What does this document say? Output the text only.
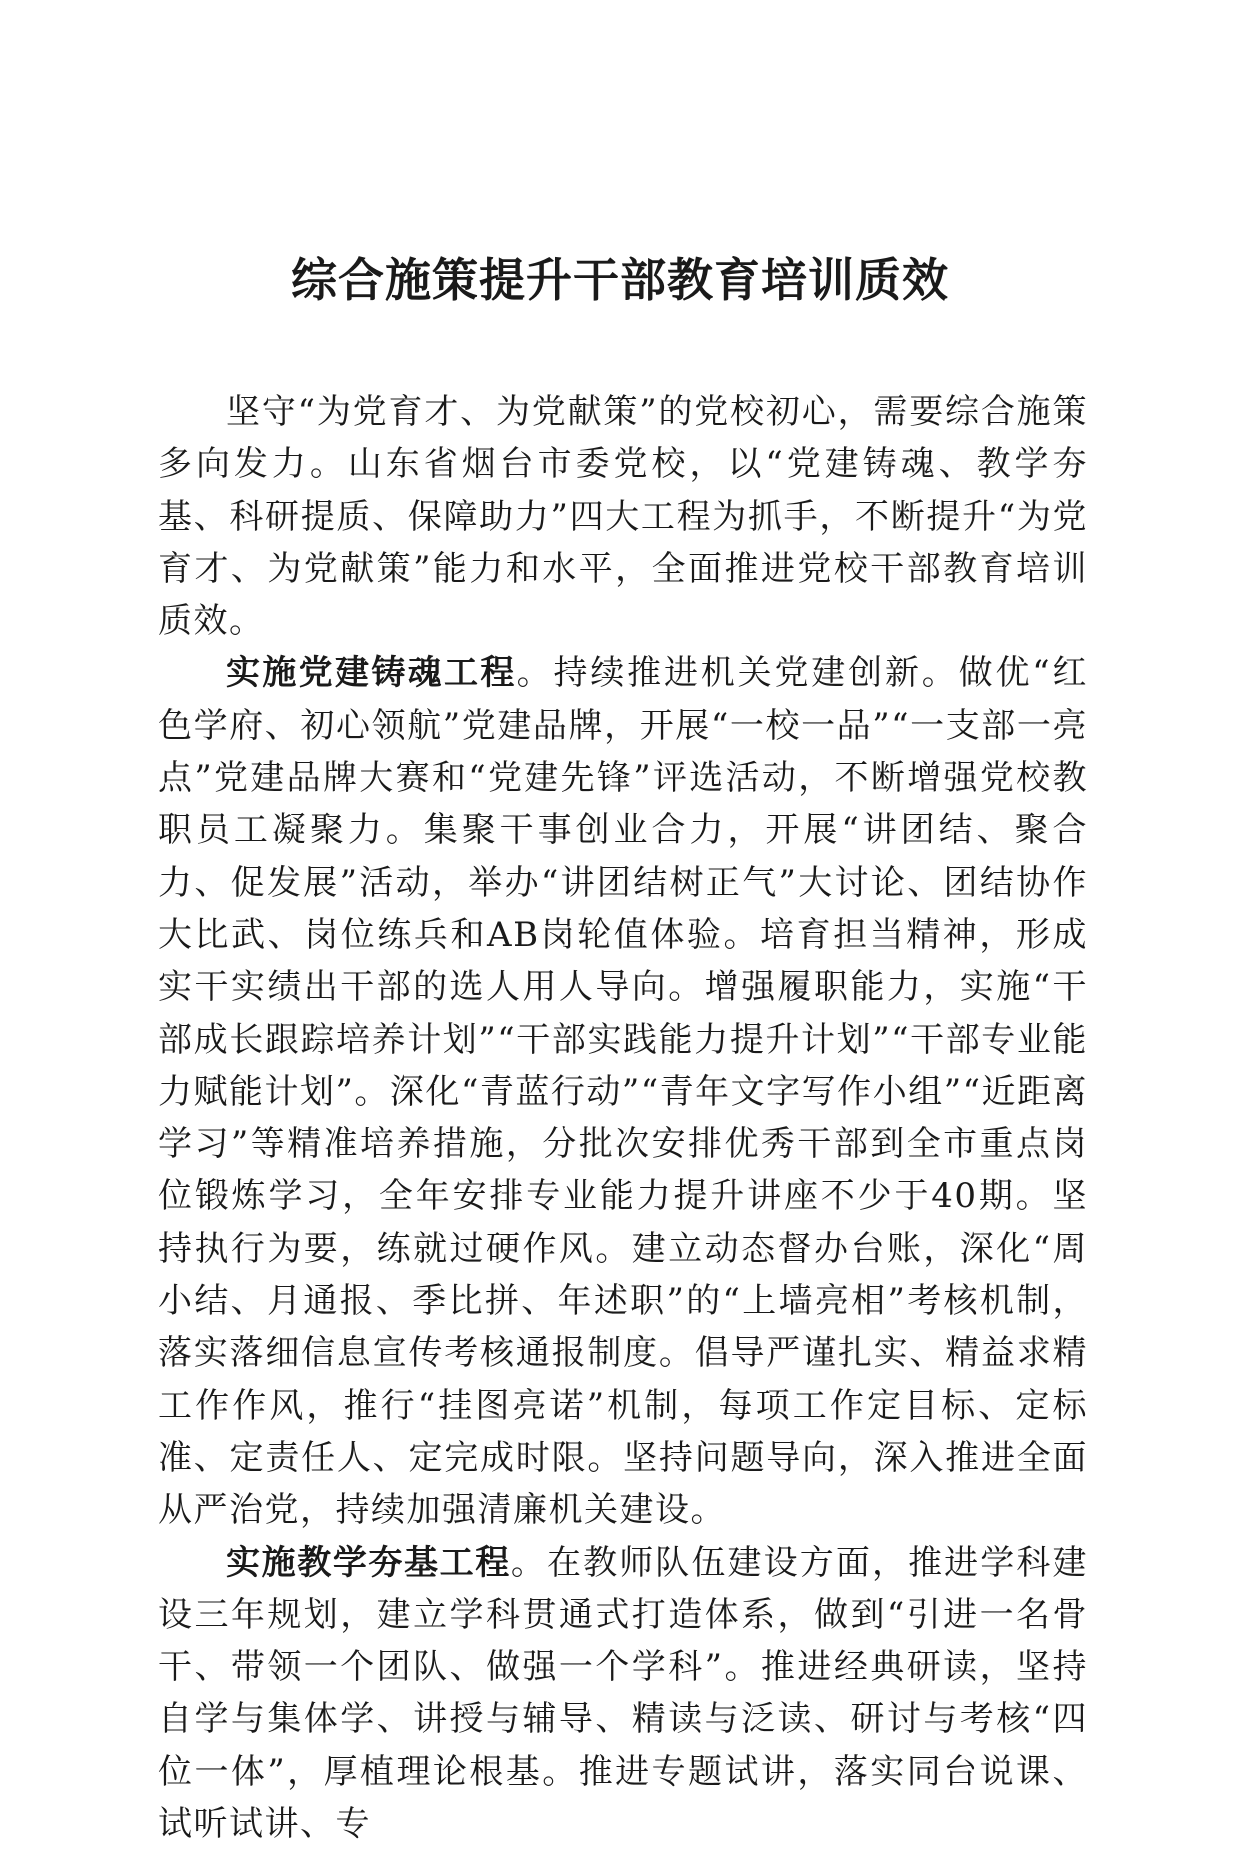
综合施策提升干部教育培训质效

坚守“为党育才、为党献策”的党校初心，需要综合施策多向发力。山东省烟台市委党校，以“党建铸魂、教学夯基、科研提质、保障助力”四大工程为抓手，不断提升“为党育才、为党献策”能力和水平，全面推进党校干部教育培训质效。

实施党建铸魂工程。持续推进机关党建创新。做优“红色学府、初心领航”党建品牌，开展“一校一品”“一支部一亮点”党建品牌大赛和“党建先锋”评选活动，不断增强党校教职员工凝聚力。集聚干事创业合力，开展“讲团结、聚合力、促发展”活动，举办“讲团结树正气”大讨论、团结协作大比武、岗位练兵和AB岗轮值体验。培育担当精神，形成实干实绩出干部的选人用人导向。增强履职能力，实施“干部成长跟踪培养计划”“干部实践能力提升计划”“干部专业能力赋能计划”。深化“青蓝行动”“青年文字写作小组”“近距离学习”等精准培养措施，分批次安排优秀干部到全市重点岗位锻炼学习，全年安排专业能力提升讲座不少于40期。坚持执行为要，练就过硬作风。建立动态督办台账，深化“周小结、月通报、季比拼、年述职”的“上墙亮相”考核机制，落实落细信息宣传考核通报制度。倡导严谨扎实、精益求精工作作风，推行“挂图亮诺”机制，每项工作定目标、定标准、定责任人、定完成时限。坚持问题导向，深入推进全面从严治党，持续加强清廉机关建设。

实施教学夯基工程。在教师队伍建设方面，推进学科建设三年规划，建立学科贯通式打造体系，做到“引进一名骨干、带领一个团队、做强一个学科”。推进经典研读，坚持自学与集体学、讲授与辅导、精读与泛读、研讨与考核“四位一体”，厚植理论根基。推进专题试讲，落实同台说课、试听试讲、专
